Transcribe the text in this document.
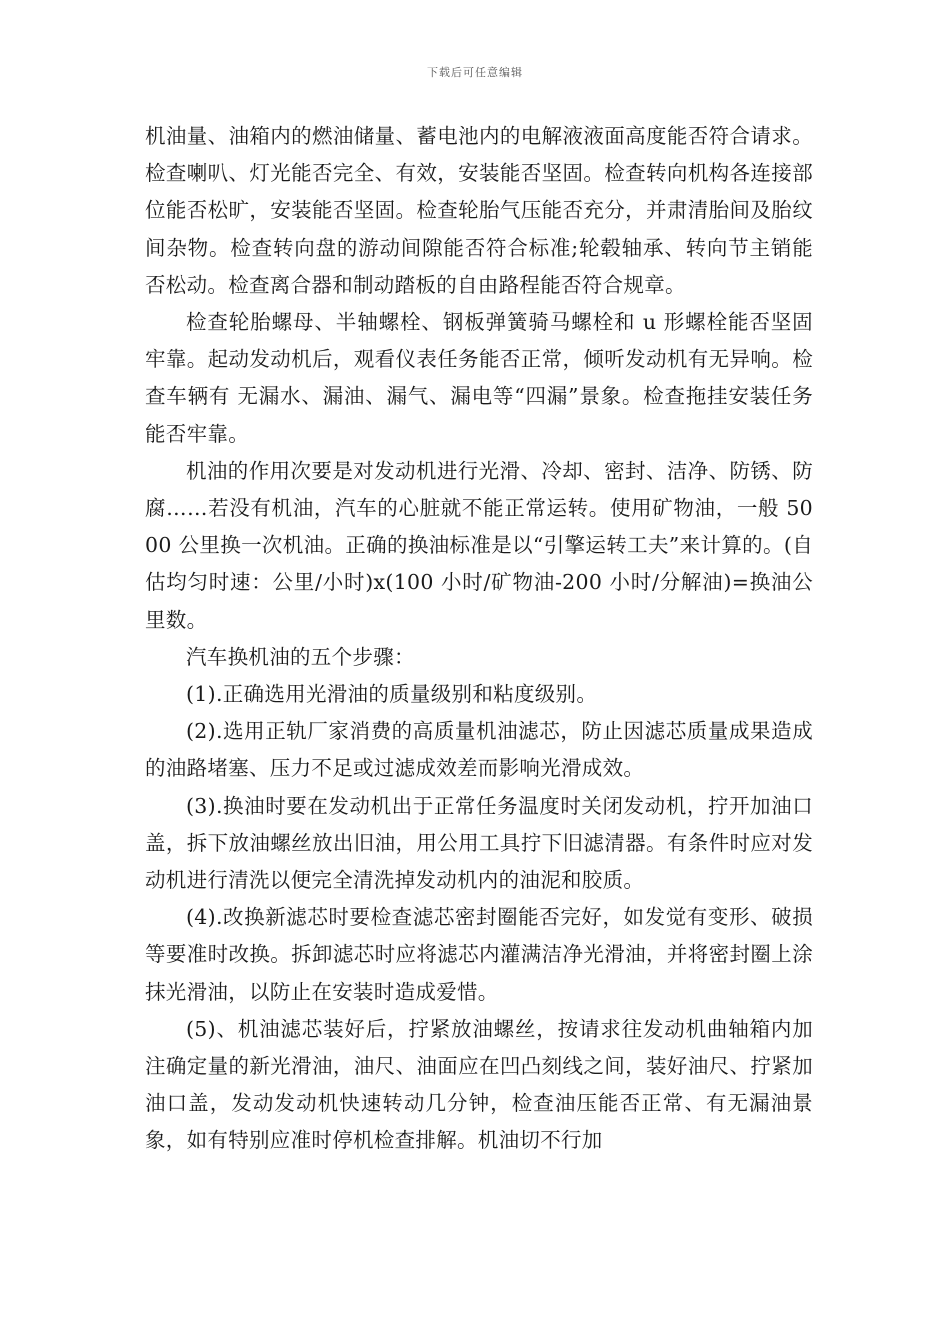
下载后可任意编辑

机油量、油箱内的燃油储量、蓄电池内的电解液液面高度能否符合请求。检查喇叭、灯光能否完全、有效，安装能否坚固。检查转向机构各连接部位能否松旷，安装能否坚固。检查轮胎气压能否充分，并肃清胎间及胎纹间杂物。检查转向盘的游动间隙能否符合标准;轮毂轴承、转向节主销能否松动。检查离合器和制动踏板的自由路程能否符合规章。

检查轮胎螺母、半轴螺栓、钢板弹簧骑马螺栓和 u 形螺栓能否坚固牢靠。起动发动机后，观看仪表任务能否正常，倾听发动机有无异响。检查车辆有 无漏水、漏油、漏气、漏电等“四漏”景象。检查拖挂安装任务能否牢靠。

机油的作用次要是对发动机进行光滑、冷却、密封、洁净、防锈、防腐……若没有机油，汽车的心脏就不能正常运转。使用矿物油，一般 5000 公里换一次机油。正确的换油标准是以“引擎运转工夫”来计算的。(自估均匀时速：公里/小时)x(100 小时/矿物油-200 小时/分解油)=换油公里数。

汽车换机油的五个步骤：

(1).正确选用光滑油的质量级别和粘度级别。

(2).选用正轨厂家消费的高质量机油滤芯，防止因滤芯质量成果造成的油路堵塞、压力不足或过滤成效差而影响光滑成效。

(3).换油时要在发动机出于正常任务温度时关闭发动机，拧开加油口盖，拆下放油螺丝放出旧油，用公用工具拧下旧滤清器。有条件时应对发动机进行清洗以便完全清洗掉发动机内的油泥和胶质。

(4).改换新滤芯时要检查滤芯密封圈能否完好，如发觉有变形、破损等要准时改换。拆卸滤芯时应将滤芯内灌满洁净光滑油，并将密封圈上涂抹光滑油，以防止在安装时造成爱惜。

(5)、机油滤芯装好后，拧紧放油螺丝，按请求往发动机曲轴箱内加注确定量的新光滑油，油尺、油面应在凹凸刻线之间，装好油尺、拧紧加油口盖，发动发动机快速转动几分钟，检查油压能否正常、有无漏油景象，如有特别应准时停机检查排解。机油切不行加
